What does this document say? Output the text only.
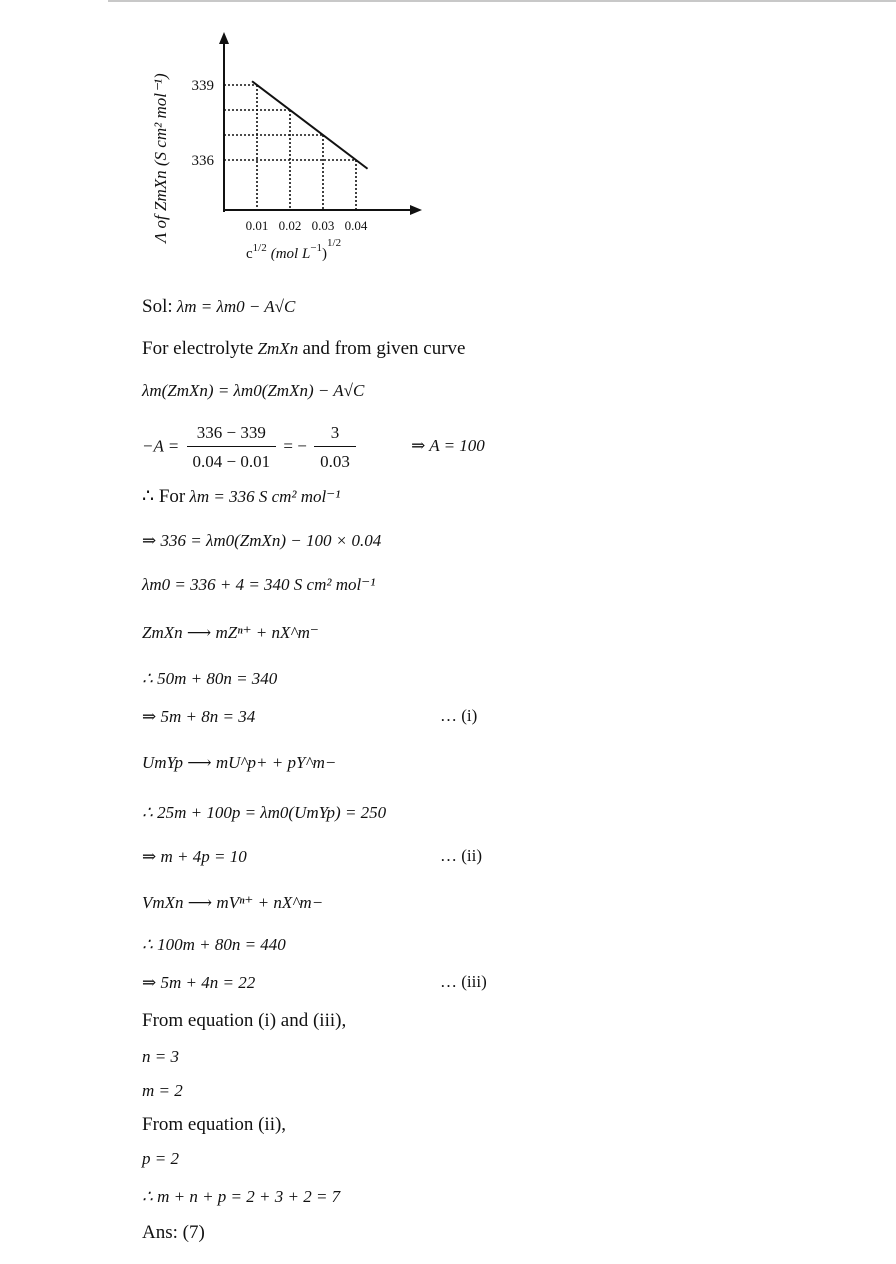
Λ of ZmXn (S cm² mol⁻¹)	0.01 0.02 0.03 0.04
339
336
$c^{1/2}$ (mol $L^{-1})^{1/2}$
Sol: λm = λm0 − A√C
For electrolyte ZmXn and from given curve
λm(ZmXn) = λm0(ZmXn) − A√C
$-A = \frac{336 - 339}{0.04 - 0.01}$ = − $\frac{3}{0.03}$	⇒ A = 100
∴ For λm = 336 S cm² mol⁻¹
⇒ 336 = λm0(ZmXn) − 100 × 0.04
λm0 = 336 + 4 = 340 S cm² mol⁻¹
ZmXn ⟶ mZⁿ⁺ + nX^m⁻
∴ 50m + 80n = 340
⇒ 5m + 8n = 34	… (i)
UmYp ⟶ mU^p+ + pY^m−
∴ 25m + 100p = λm0(UmYp) = 250
⇒ m + 4p = 10	… (ii)
VmXn ⟶ mVⁿ⁺ + nX^m−
∴ 100m + 80n = 440
⇒ 5m + 4n = 22	… (iii)
From equation (i) and (iii),
n = 3
m = 2
From equation (ii),
p = 2
∴ m + n + p = 2 + 3 + 2 = 7
Ans: (7)
